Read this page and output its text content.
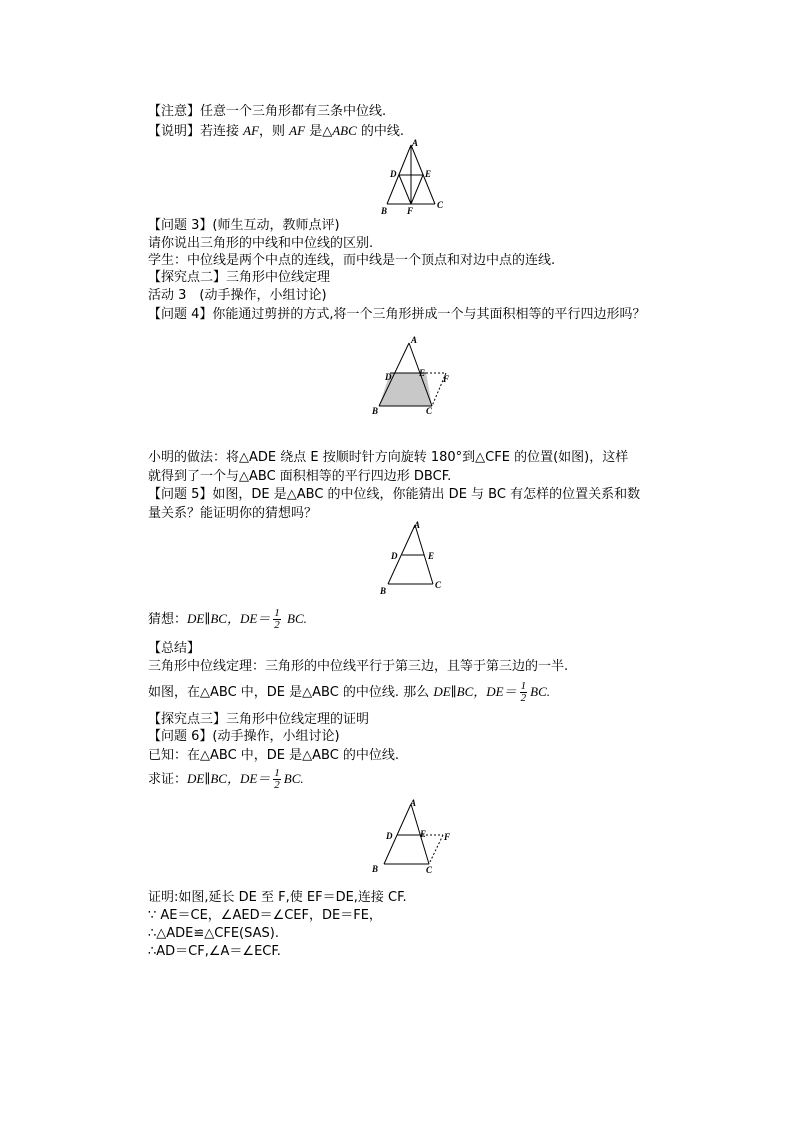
【注意】任意一个三角形都有三条中位线.
【说明】若连接 AF，则 AF 是△ABC 的中线.
A
D	E
B F
C
【问题 3】(师生互动，教师点评)
请你说出三角形的中线和中位线的区别.
学生：中位线是两个中点的连线，而中线是一个顶点和对边中点的连线.
【探究点二】三角形中位线定理
活动 3　(动手操作，小组讨论)
【问题 4】你能通过剪拼的方式,将一个三角形拼成一个与其面积相等的平行四边形吗？
A
D	E
F
B	C
小明的做法：将△ADE 绕点 E 按顺时针方向旋转 180°到△CFE 的位置(如图)，这样
就得到了一个与△ABC 面积相等的平行四边形 DBCF.
【问题 5】如图，DE 是△ABC 的中位线，你能猜出 DE 与 BC 有怎样的位置关系和数
量关系？能证明你的猜想吗？
A
D	E
B
C
猜想：DE∥BC，$DE= \frac{1}{2}$ BC.
【总结】
三角形中位线定理：三角形的中位线平行于第三边，且等于第三边的一半.
如图，在△ABC 中，DE 是△ABC 的中位线. 那么 DE∥BC，$DE= \frac{1}{2}$ BC.
【探究点三】三角形中位线定理的证明
【问题 6】(动手操作，小组讨论)
已知：在△ABC 中，DE 是△ABC 的中位线.
求证：DE∥BC，$DE= \frac{1}{2}$ BC.
A
D	E F
B	C
证明:如图,延长 DE 至 F,使 EF＝DE,连接 CF.
∵ AE＝CE，∠AED＝∠CEF，DE＝FE，
∴△ADE≌△CFE(SAS).
∴AD＝CF,∠A＝∠ECF.
